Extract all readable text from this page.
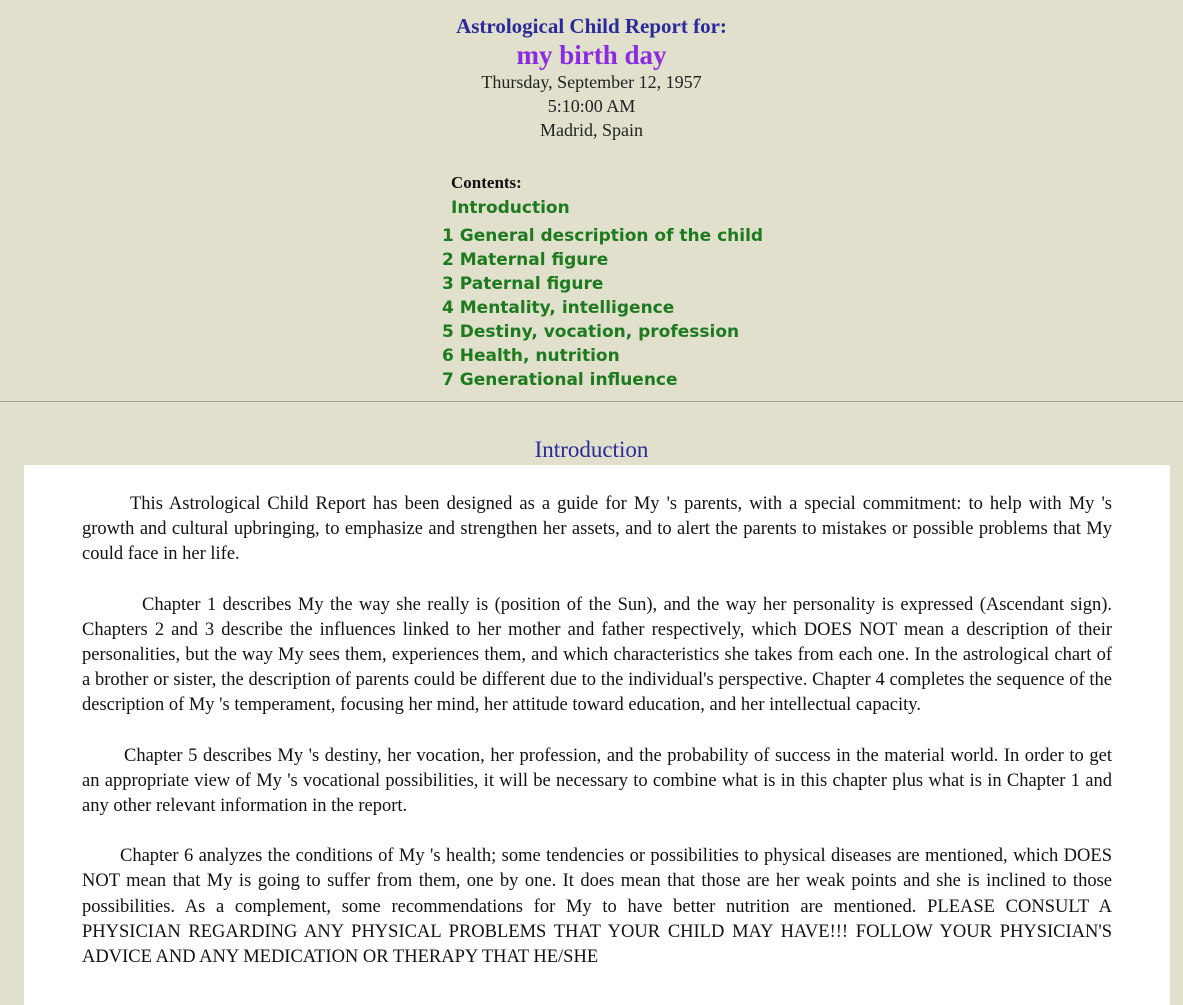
Astrological Child Report for:
my birth day
Thursday, September 12, 1957
5:10:00 AM
Madrid, Spain
Contents:
Introduction
1 General description of the child
2 Maternal figure
3 Paternal figure
4 Mentality, intelligence
5 Destiny, vocation, profession
6 Health, nutrition
7 Generational influence
Introduction

This Astrological Child Report has been designed as a guide for My 's parents, with a special commitment: to help with My 's growth and cultural upbringing, to emphasize and strengthen her assets, and to alert the parents to mistakes or possible problems that My could face in her life.

Chapter 1 describes My the way she really is (position of the Sun), and the way her personality is expressed (Ascendant sign). Chapters 2 and 3 describe the influences linked to her mother and father respectively, which DOES NOT mean a description of their personalities, but the way My sees them, experiences them, and which characteristics she takes from each one. In the astrological chart of a brother or sister, the description of parents could be different due to the individual's perspective. Chapter 4 completes the sequence of the description of My 's temperament, focusing her mind, her attitude toward education, and her intellectual capacity.

Chapter 5 describes My 's destiny, her vocation, her profession, and the probability of success in the material world. In order to get an appropriate view of My 's vocational possibilities, it will be necessary to combine what is in this chapter plus what is in Chapter 1 and any other relevant information in the report.

Chapter 6 analyzes the conditions of My 's health; some tendencies or possibilities to physical diseases are mentioned, which DOES NOT mean that My is going to suffer from them, one by one. It does mean that those are her weak points and she is inclined to those possibilities. As a complement, some recommendations for My to have better nutrition are mentioned. PLEASE CONSULT A PHYSICIAN REGARDING ANY PHYSICAL PROBLEMS THAT YOUR CHILD MAY HAVE!!! FOLLOW YOUR PHYSICIAN'S ADVICE AND ANY MEDICATION OR THERAPY THAT HE/SHE
